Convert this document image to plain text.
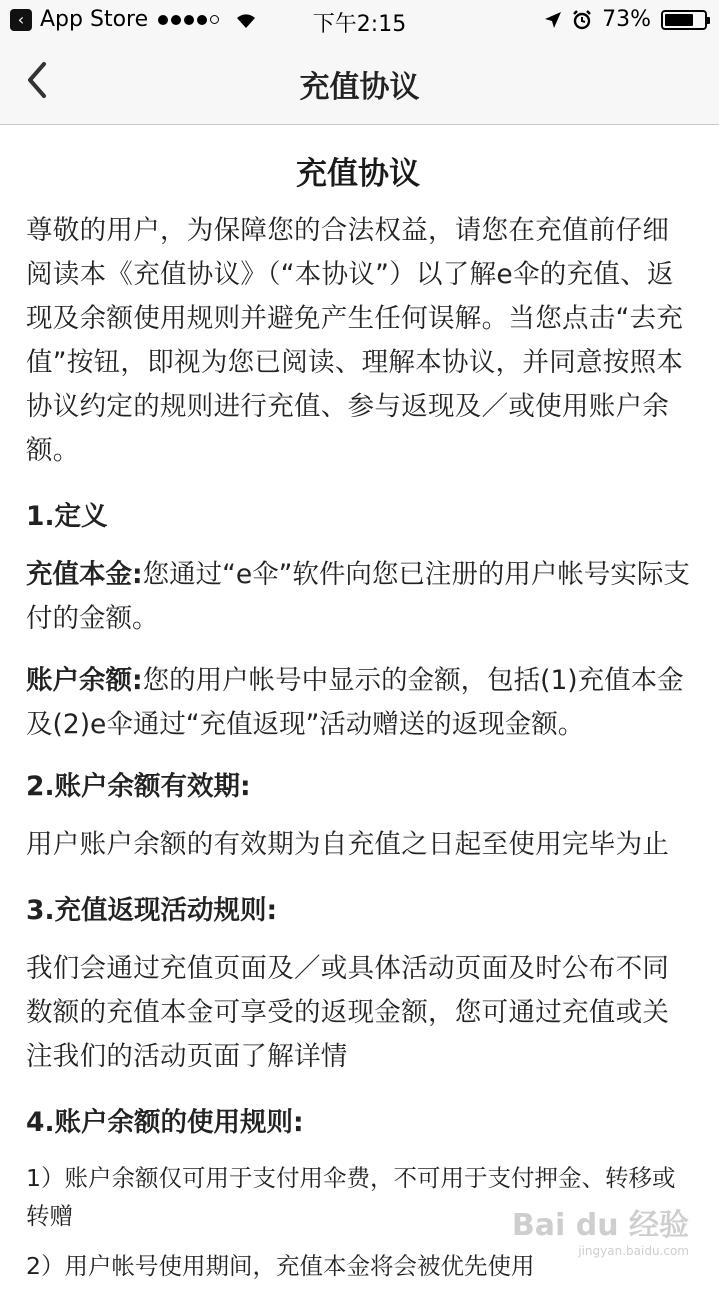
‹ App Store	下午2:15	73%
充值协议
充值协议

尊敬的用户，为保障您的合法权益，请您在充值前仔细阅读本《充值协议》（“本协议”）以了解e伞的充值、返现及余额使用规则并避免产生任何误解。当您点击“去充值”按钮，即视为您已阅读、理解本协议，并同意按照本协议约定的规则进行充值、参与返现及／或使用账户余额。

1.定义

充值本金:您通过“e伞”软件向您已注册的用户帐号实际支付的金额。

账户余额:您的用户帐号中显示的金额，包括(1)充值本金及(2)e伞通过“充值返现”活动赠送的返现金额。

2.账户余额有效期:

用户账户余额的有效期为自充值之日起至使用完毕为止

3.充值返现活动规则:

我们会通过充值页面及／或具体活动页面及时公布不同数额的充值本金可享受的返现金额，您可通过充值或关注我们的活动页面了解详情

4.账户余额的使用规则:

1）账户余额仅可用于支付用伞费，不可用于支付押金、转移或转赠

2）用户帐号使用期间，充值本金将会被优先使用

Bai du 经验
jingyan.baidu.com
